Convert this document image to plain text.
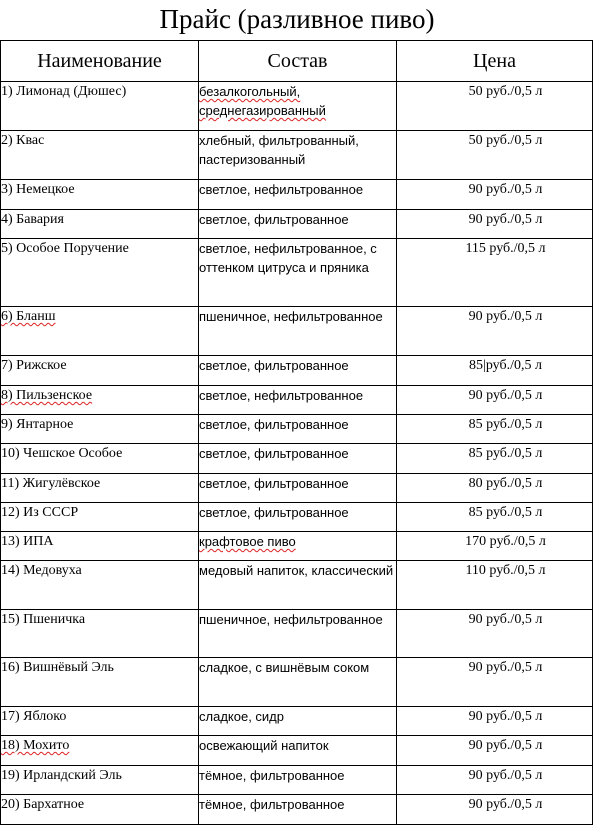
Прайс (разливное пиво)
Наименование	Состав	Цена
1) Лимонад (Дюшес)	безалкогольный, среднегазированный	50 руб./0,5 л
2) Квас	хлебный, фильтрованный, пастеризованный	50 руб./0,5 л
3) Немецкое	светлое, нефильтрованное	90 руб./0,5 л
4) Бавария	светлое, фильтрованное	90 руб./0,5 л
5) Особое Поручение	светлое, нефильтрованное, с оттенком цитруса и пряника	115 руб./0,5 л
6) Бланш	пшеничное, нефильтрованное	90 руб./0,5 л
7) Рижское	светлое, фильтрованное	85|руб./0,5 л
8) Пильзенское	светлое, нефильтрованное	90 руб./0,5 л
9) Янтарное	светлое, фильтрованное	85 руб./0,5 л
10) Чешское Особое	светлое, фильтрованное	85 руб./0,5 л
11) Жигулёвское	светлое, фильтрованное	80 руб./0,5 л
12) Из СССР	светлое, фильтрованное	85 руб./0,5 л
13) ИПА	крафтовое пиво	170 руб./0,5 л
14) Медовуха	медовый напиток, классический	110 руб./0,5 л
15) Пшеничка	пшеничное, нефильтрованное	90 руб./0,5 л
16) Вишнёвый Эль	сладкое, с вишнёвым соком	90 руб./0,5 л
17) Яблоко	сладкое, сидр	90 руб./0,5 л
18) Мохито	освежающий напиток	90 руб./0,5 л
19) Ирландский Эль	тёмное, фильтрованное	90 руб./0,5 л
20) Бархатное	тёмное, фильтрованное	90 руб./0,5 л
